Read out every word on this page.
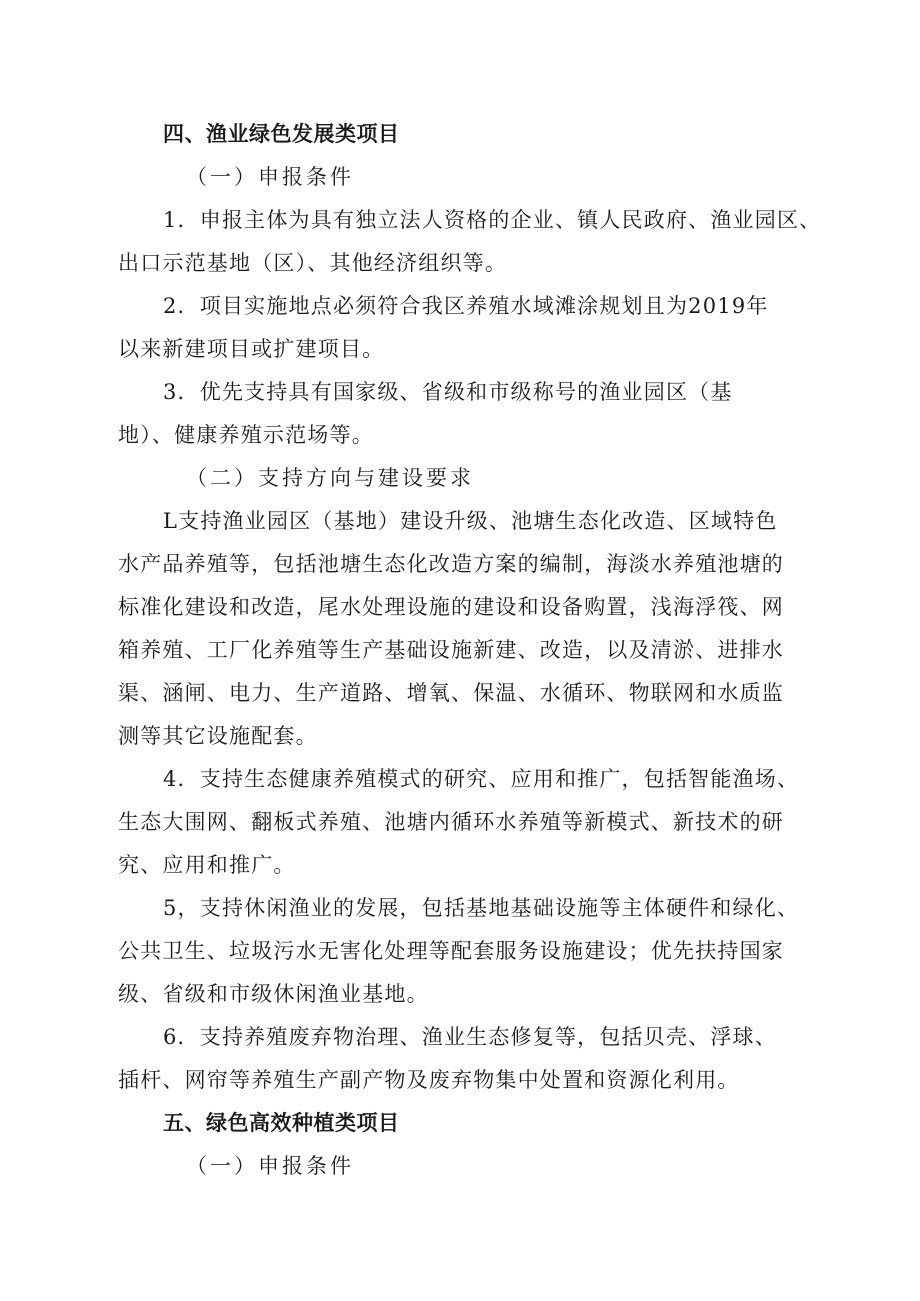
四、渔业绿色发展类项目
（一）申报条件
1．申报主体为具有独立法人资格的企业、镇人民政府、渔业园区、
出口示范基地（区）、其他经济组织等。
2．项目实施地点必须符合我区养殖水域滩涂规划且为2019年
以来新建项目或扩建项目。
3．优先支持具有国家级、省级和市级称号的渔业园区（基
地）、健康养殖示范场等。
（二）支持方向与建设要求
L支持渔业园区（基地）建设升级、池塘生态化改造、区域特色
水产品养殖等，包括池塘生态化改造方案的编制，海淡水养殖池塘的
标准化建设和改造，尾水处理设施的建设和设备购置，浅海浮筏、网
箱养殖、工厂化养殖等生产基础设施新建、改造，以及清淤、进排水
渠、涵闸、电力、生产道路、增氧、保温、水循环、物联网和水质监
测等其它设施配套。
4．支持生态健康养殖模式的研究、应用和推广，包括智能渔场、
生态大围网、翻板式养殖、池塘内循环水养殖等新模式、新技术的研
究、应用和推广。
5，支持休闲渔业的发展，包括基地基础设施等主体硬件和绿化、
公共卫生、垃圾污水无害化处理等配套服务设施建设；优先扶持国家
级、省级和市级休闲渔业基地。
6．支持养殖废弃物治理、渔业生态修复等，包括贝壳、浮球、
插杆、网帘等养殖生产副产物及废弃物集中处置和资源化利用。
五、绿色高效种植类项目
（一）申报条件
